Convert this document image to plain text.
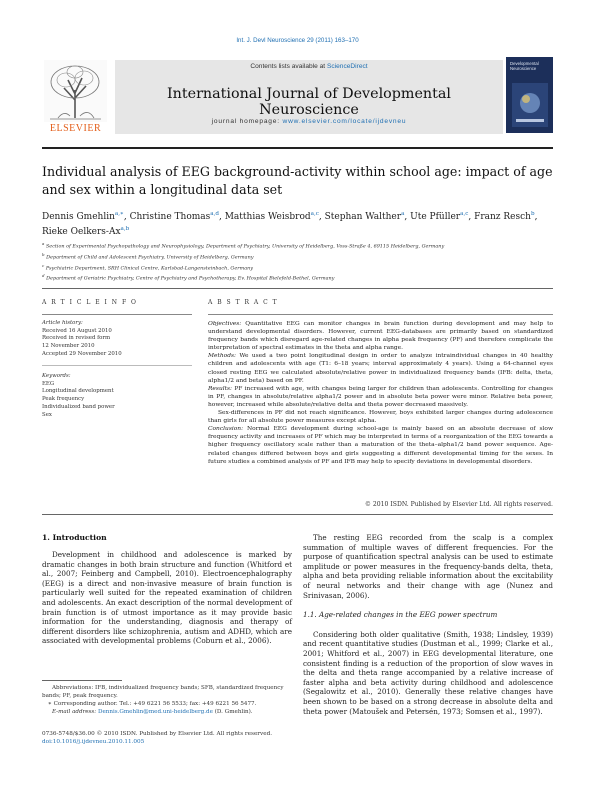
Int. J. Devl Neuroscience 29 (2011) 163–170
Contents lists available at ScienceDirect
International Journal of Developmental Neuroscience
journal homepage: www.elsevier.com/locate/ijdevneu
ELSEVIER
Developmental Neuroscience
Individual analysis of EEG background-activity within school age: impact of age and sex within a longitudinal data set
Dennis Gmehlin$^{a,∗}$, Christine Thomas$^{a,d}$, Matthias Weisbrod$^{a,c}$, Stephan Walther$^a$, Ute Pfüller$^{a,c}$, Franz Resch$^b$, Rieke Oelkers-Ax$^{a,b}$
$^a$ Section of Experimental Psychopathology and Neurophysiology, Department of Psychiatry, University of Heidelberg, Voss-Straße 4, 69115 Heidelberg, Germany
$^b$ Department of Child and Adolescent Psychiatry, University of Heidelberg, Germany
$^c$ Psychiatric Department, SRH Clinical Centre, Karlsbad-Langensteinbach, Germany
$^d$ Department of Geriatric Psychiatry, Centre of Psychiatry and Psychotherapy, Ev. Hospital Bielefeld-Bethel, Germany
A R T I C L E I N F O	A B S T R A C T
Article history:
Received 16 August 2010
Received in revised form
12 November 2010
Accepted 29 November 2010
Keywords:
EEG
Longitudinal development
Peak frequency
Individualized band power
Sex

Objectives: Quantitative EEG can monitor changes in brain function during development and may help to understand developmental disorders. However, current EEG-databases are primarily based on standardized frequency bands which disregard age-related changes in alpha peak frequency (PF) and therefore complicate the interpretation of spectral estimates in the theta and alpha range.

Methods: We used a two point longitudinal design in order to analyze intraindividual changes in 40 healthy children and adolescents with age (T1: 6–18 years; interval approximately 4 years). Using a 64-channel eyes closed resting EEG we calculated absolute/relative power in individualized frequency bands (IFB: delta, theta, alpha1/2 and beta) based on PF.

Results: PF increased with age, with changes being larger for children than adolescents. Controlling for changes in PF, changes in absolute/relative alpha1/2 power and in absolute beta power were minor. Relative beta power, however, increased while absolute/relative delta and theta power decreased massively.

Sex-differences in PF did not reach significance. However, boys exhibited larger changes during adolescence than girls for all absolute power measures except alpha.

Conclusion: Normal EEG development during school-age is mainly based on an absolute decrease of slow frequency activity and increases of PF which may be interpreted in terms of a reorganization of the EEG towards a higher frequency oscillatory scale rather than a maturation of the theta–alpha1/2 band power sequence. Age-related changes differed between boys and girls suggesting a different developmental timing for the sexes. In future studies a combined analysis of PF and IFB may help to specify deviations in developmental disorders.

© 2010 ISDN. Published by Elsevier Ltd. All rights reserved.
1. Introduction

Development in childhood and adolescence is marked by dramatic changes in both brain structure and function (Whitford et al., 2007; Feinberg and Campbell, 2010). Electroencephalography (EEG) is a direct and non-invasive measure of brain function is particularly well suited for the repeated examination of children and adolescents. An exact description of the normal development of brain function is of utmost importance as it may provide basic information for the understanding, diagnosis and therapy of different disorders like schizophrenia, autism and ADHD, which are associated with developmental problems (Coburn et al., 2006).

Abbreviations: IFB, individualized frequency bands; SFB, standardized frequency bands; PF, peak frequency.
∗ Corresponding author. Tel.: +49 6221 56 5533; fax: +49 6221 56 5477.
E-mail address: Dennis.Gmehlin@med.uni-heidelberg.de (D. Gmehlin).
0736-5748/$36.00 © 2010 ISDN. Published by Elsevier Ltd. All rights reserved.
doi:10.1016/j.ijdevneu.2010.11.005

The resting EEG recorded from the scalp is a complex summation of multiple waves of different frequencies. For the purpose of quantification spectral analysis can be used to estimate amplitude or power measures in the frequency-bands delta, theta, alpha and beta providing reliable information about the excitability of neural networks and their change with age (Nunez and Srinivasan, 2006).

1.1. Age-related changes in the EEG power spectrum

Considering both older qualitative (Smith, 1938; Lindsley, 1939) and recent quantitative studies (Dustman et al., 1999; Clarke et al., 2001; Whitford et al., 2007) in EEG developmental literature, one consistent finding is a reduction of the proportion of slow waves in the delta and theta range accompanied by a relative increase of faster alpha and beta activity during childhood and adolescence (Segalowitz et al., 2010). Generally these relative changes have been shown to be based on a strong decrease in absolute delta and theta power (Matoušek and Petersén, 1973; Somsen et al., 1997).
